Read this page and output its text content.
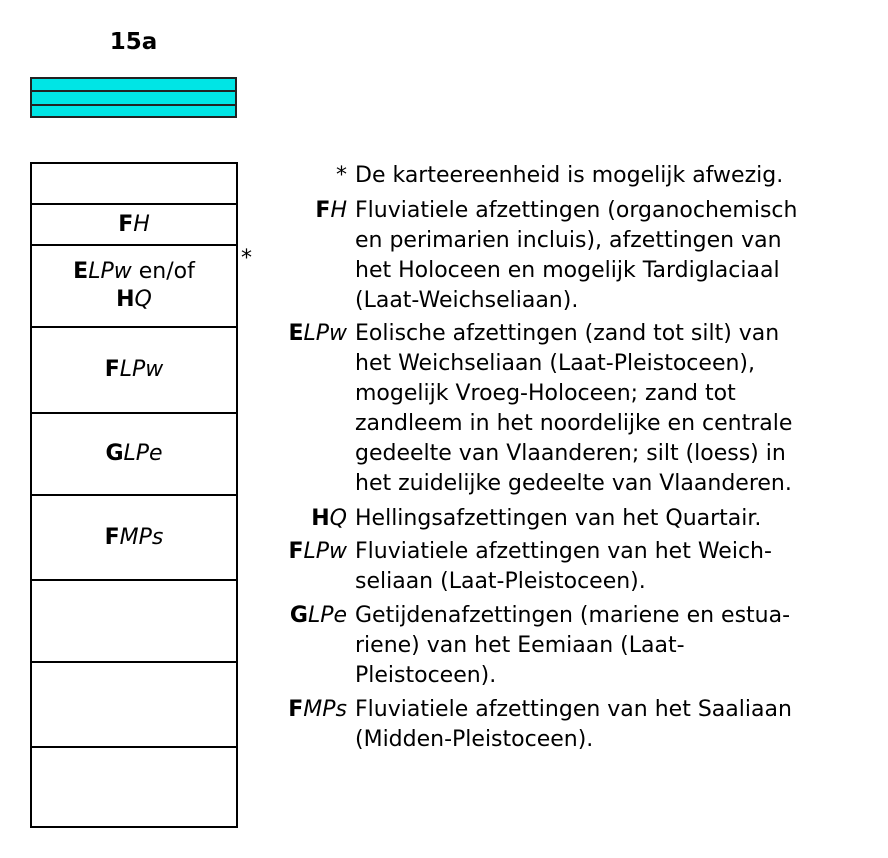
15a
FH
ELPw en/of
HQ
FLPw
GLPe
FMPs
*
* De karteereenheid is mogelijk afwezig.
FH Fluviatiele afzettingen (organochemisch
en perimarien incluis), afzettingen van
het Holoceen en mogelijk Tardiglaciaal
(Laat-Weichseliaan).
ELPw Eolische afzettingen (zand tot silt) van
het Weichseliaan (Laat-Pleistoceen),
mogelijk Vroeg-Holoceen; zand tot
zandleem in het noordelijke en centrale
gedeelte van Vlaanderen; silt (loess) in
het zuidelijke gedeelte van Vlaanderen.
HQ Hellingsafzettingen van het Quartair.
FLPw Fluviatiele afzettingen van het Weich-
seliaan (Laat-Pleistoceen).
GLPe Getijdenafzettingen (mariene en estua-
riene) van het Eemiaan (Laat-
Pleistoceen).
FMPs Fluviatiele afzettingen van het Saaliaan
(Midden-Pleistoceen).
